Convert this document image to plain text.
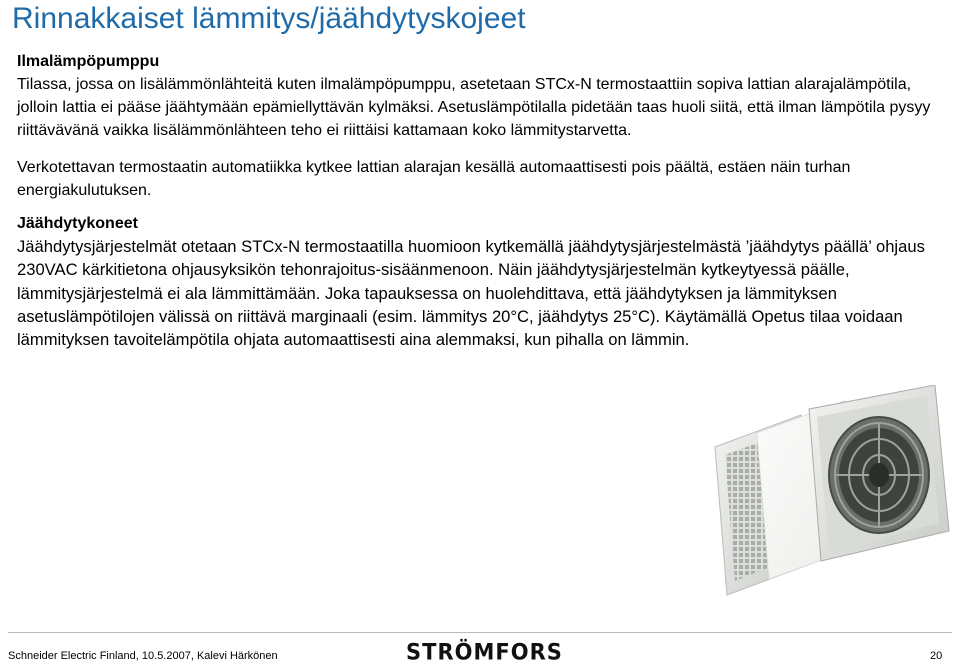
Rinnakkaiset lämmitys/jäähdytyskojeet

Ilmalämpöpumppu

Tilassa, jossa on lisälämmönlähteitä kuten ilmalämpöpumppu, asetetaan STCx-N termostaattiin sopiva lattian alarajalämpötila, jolloin lattia ei pääse jäähtymään epämiellyttävän kylmäksi. Asetuslämpötilalla pidetään taas huoli siitä, että ilman lämpötila pysyy riittävävänä vaikka lisälämmönlähteen teho ei riittäisi kattamaan koko lämmitystarvetta.

Verkotettavan termostaatin automatiikka kytkee lattian alarajan kesällä automaattisesti pois päältä, estäen näin turhan energiakulutuksen.

Jäähdytykoneet

Jäähdytysjärjestelmät otetaan STCx-N termostaatilla huomioon kytkemällä jäähdytysjärjestelmästä ’jäähdytys päällä’ ohjaus 230VAC kärkitietona ohjausyksikön tehonrajoitus-sisäänmenoon. Näin jäähdytysjärjestelmän kytkeytyessä päälle, lämmitysjärjestelmä ei ala lämmittämään. Joka tapauksessa on huolehdittava, että jäähdytyksen ja lämmityksen asetuslämpötilojen välissä on riittävä marginaali (esim. lämmitys 20°C, jäähdytys 25°C). Käytämällä Opetus tilaa voidaan lämmityksen tavoitelämpötila ohjata automaattisesti aina alemmaksi, kun pihalla on lämmin.

Schneider Electric Finland, 10.5.2007, Kalevi Härkönen	STRÖMFORS	20
